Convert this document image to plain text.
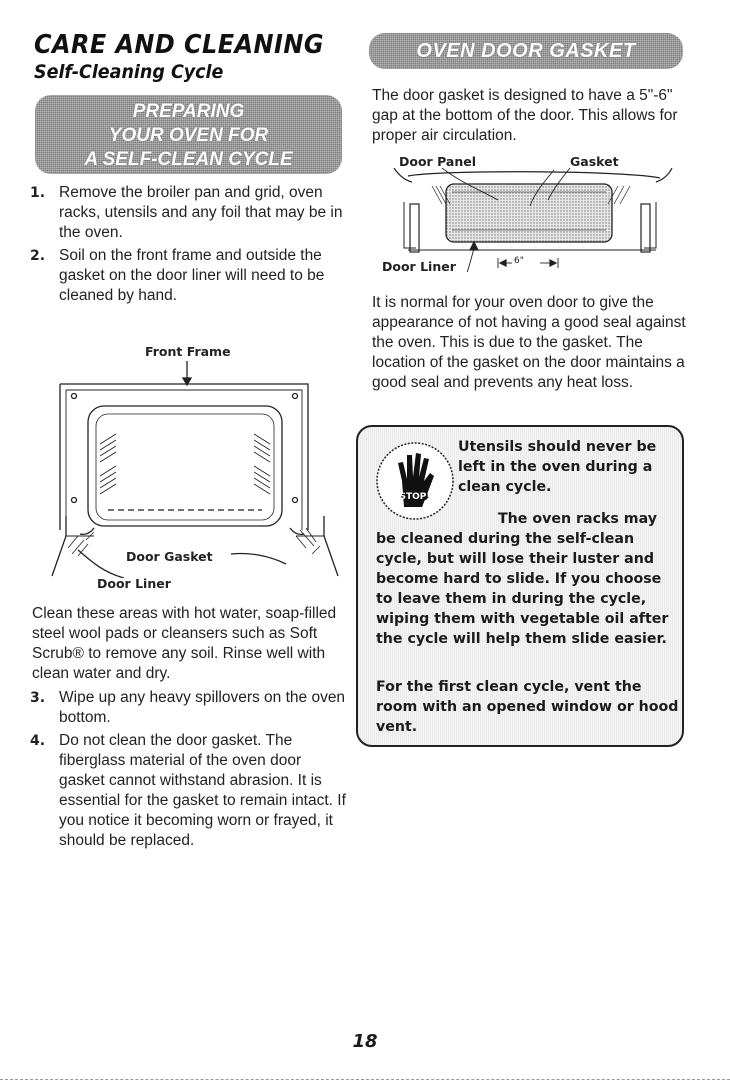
CARE AND CLEANING
Self-Cleaning Cycle
PREPARING
YOUR OVEN FOR
A SELF-CLEAN CYCLE
1. Remove the broiler pan and grid, oven racks, utensils and any foil that may be in the oven.
2. Soil on the front frame and outside the gasket on the door liner will need to be cleaned by hand.
Front Frame
Door Gasket
Door Liner
Clean these areas with hot water, soap-filled steel wool pads or cleansers such as Soft Scrub® to remove any soil. Rinse well with clean water and dry.
3. Wipe up any heavy spillovers on the oven bottom.
4. Do not clean the door gasket. The fiberglass material of the oven door gasket cannot withstand abrasion. It is essential for the gasket to remain intact. If you notice it becoming worn or frayed, it should be replaced.
OVEN DOOR GASKET
The door gasket is designed to have a 5"-6" gap at the bottom of the door. This allows for proper air circulation.
Door Panel	Gasket
6"
Door Liner
It is normal for your oven door to give the appearance of not having a good seal against the oven. This is due to the gasket. The location of the gasket on the door maintains a good seal and prevents any heat loss.
STOP!
Utensils should never be left in the oven during a clean cycle.
The oven racks may
be cleaned during the self-clean cycle, but will lose their luster and become hard to slide. If you choose to leave them in during the cycle, wiping them with vegetable oil after the cycle will help them slide easier.
For the first clean cycle, vent the room with an opened window or hood vent.
18
